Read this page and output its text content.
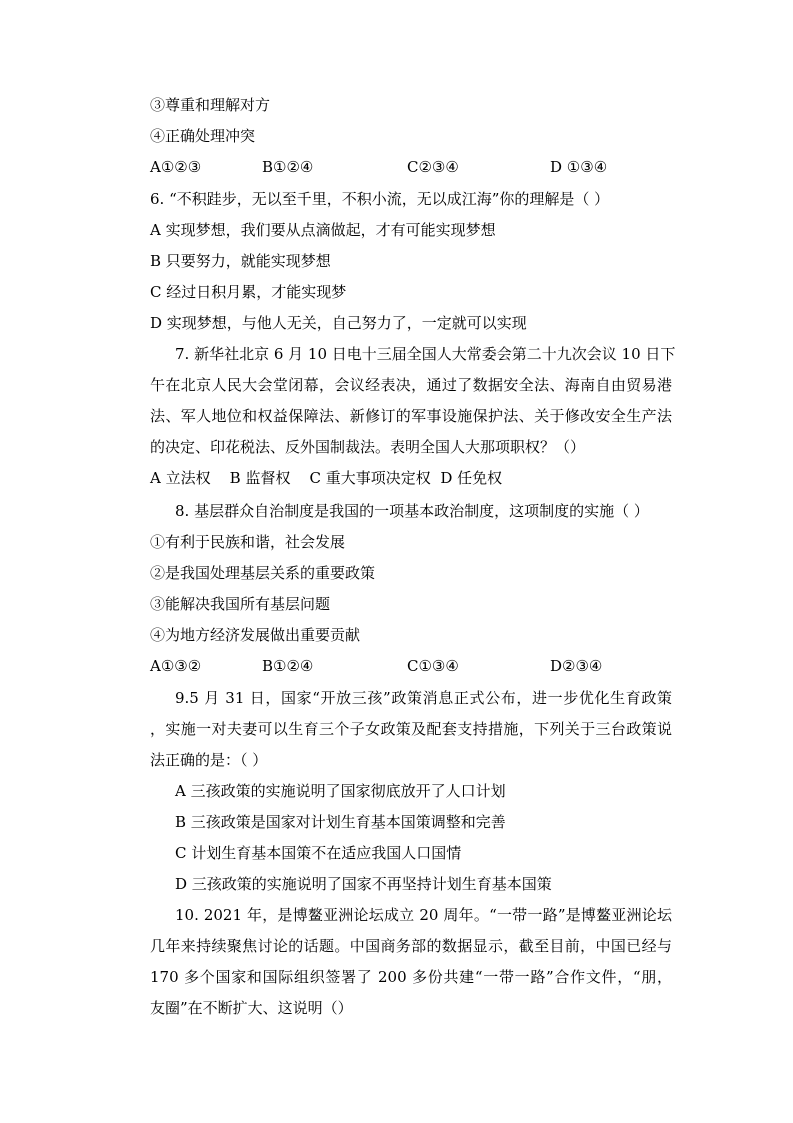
③尊重和理解对方
④正确处理冲突
A①②③	B①②④	C②③④	D ①③④
6. “不积跬步，无以至千里，不积小流，无以成江海”你的理解是（ ）
A 实现梦想，我们要从点滴做起，才有可能实现梦想
B 只要努力，就能实现梦想
C 经过日积月累，才能实现梦
D 实现梦想，与他人无关，自己努力了，一定就可以实现
7. 新华社北京 6 月 10 日电十三届全国人大常委会第二十九次会议 10 日下
午在北京人民大会堂闭幕，会议经表决，通过了数据安全法、海南自由贸易港
法、军人地位和权益保障法、新修订的军事设施保护法、关于修改安全生产法
的决定、印花税法、反外国制裁法。表明全国人大那项职权？（）
A 立法权    B 监督权    C 重大事项决定权  D 任免权
8. 基层群众自治制度是我国的一项基本政治制度，这项制度的实施（ ）
①有利于民族和谐，社会发展
②是我国处理基层关系的重要政策
③能解决我国所有基层问题
④为地方经济发展做出重要贡献
A①③②	B①②④	C①③④	D②③④
9.5 月 31 日，国家“开放三孩”政策消息正式公布，进一步优化生育政策
，实施一对夫妻可以生育三个子女政策及配套支持措施，下列关于三台政策说
法正确的是：（ ）
A 三孩政策的实施说明了国家彻底放开了人口计划
B 三孩政策是国家对计划生育基本国策调整和完善
C 计划生育基本国策不在适应我国人口国情
D 三孩政策的实施说明了国家不再坚持计划生育基本国策
10. 2021 年，是博鳌亚洲论坛成立 20 周年。“一带一路”是博鳌亚洲论坛
几年来持续聚焦讨论的话题。中国商务部的数据显示，截至目前，中国已经与
170 多个国家和国际组织签署了 200 多份共建“一带一路”合作文件，“朋，
友圈”在不断扩大、这说明（）
